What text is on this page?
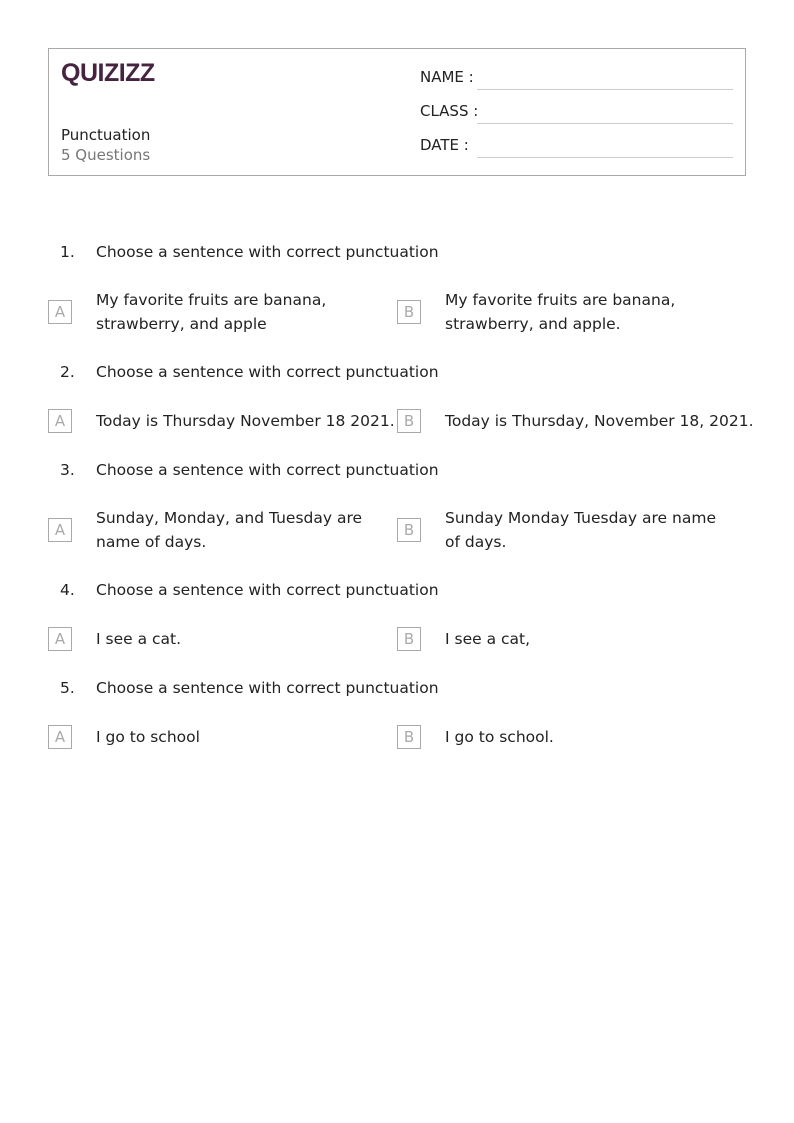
QUIZIZZ
Punctuation
5 Questions
NAME :
CLASS :
DATE :
1. Choose a sentence with correct punctuation
A
My favorite fruits are banana, strawberry, and apple
B
My favorite fruits are banana, strawberry, and apple.
2. Choose a sentence with correct punctuation
A	Today is Thursday November 18 2021. B	Today is Thursday, November 18, 2021.
3. Choose a sentence with correct punctuation
A
Sunday, Monday, and Tuesday are name of days.
B
Sunday Monday Tuesday are name of days.
4. Choose a sentence with correct punctuation
A	I see a cat.	B	I see a cat,
5. Choose a sentence with correct punctuation
A	I go to school	B	I go to school.
